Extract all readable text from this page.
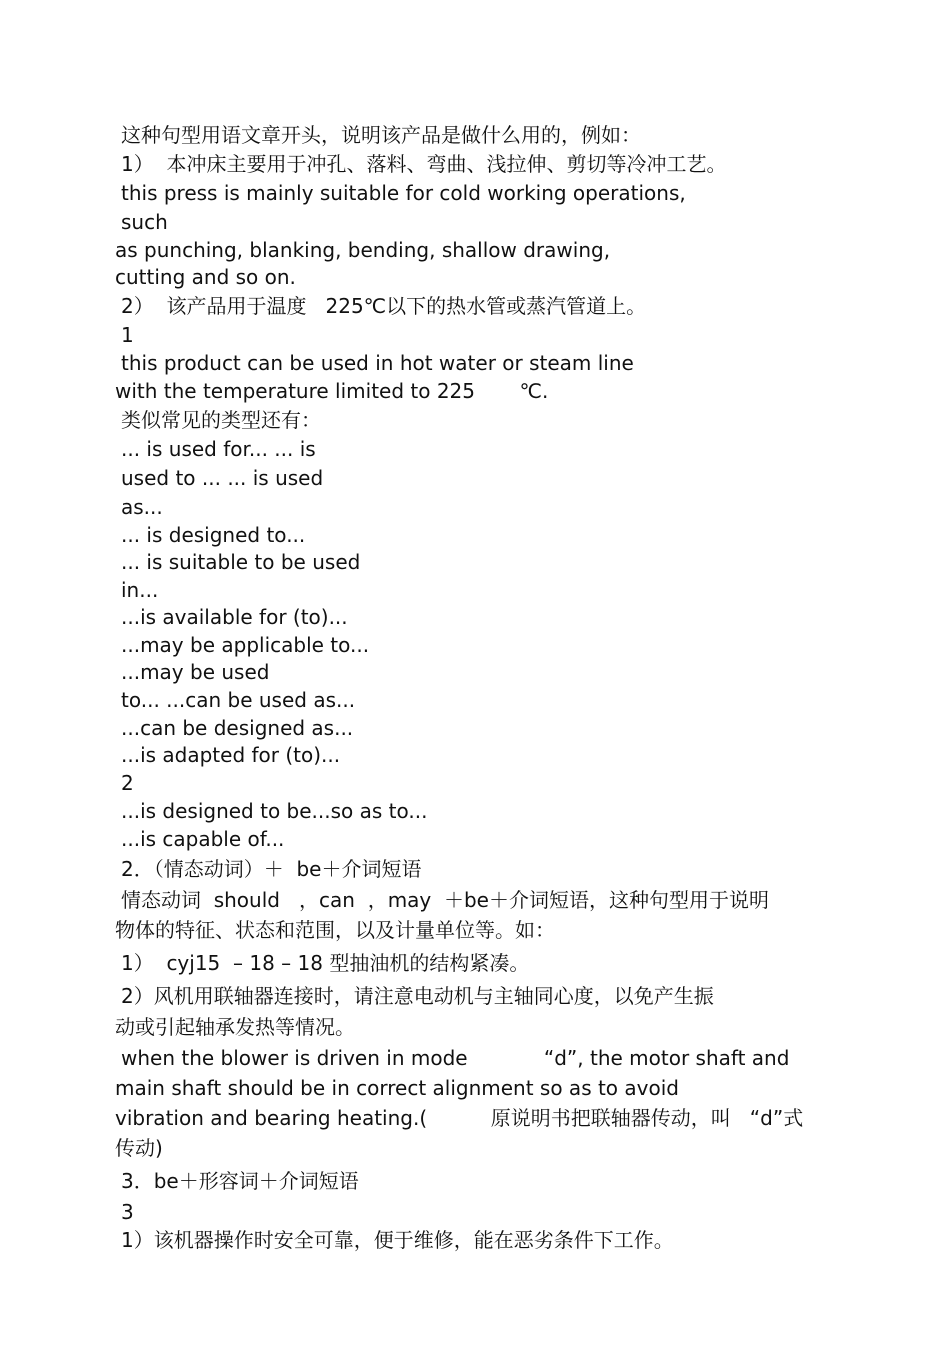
这种句型用语文章开头，说明该产品是做什么用的，例如：

1）  本冲床主要用于冲孔、落料、弯曲、浅拉伸、剪切等冷冲工艺。

this press is mainly suitable for cold working operations,

such

as punching, blanking, bending, shallow drawing,

cutting and so on.

2）  该产品用于温度   225℃以下的热水管或蒸汽管道上。

1

this product can be used in hot water or steam line

with the temperature limited to 225       ℃.

类似常见的类型还有：

... is used for... ... is

used to ... ... is used

as...

... is designed to...

... is suitable to be used

in...

...is available for (to)...

...may be applicable to...

...may be used

to... ...can be used as...

...can be designed as...

...is adapted for (to)...

2

...is designed to be...so as to...

...is capable of...

2．（情态动词）＋  be＋介词短语

情态动词  should   ，can  ，may  ＋be＋介词短语，这种句型用于说明

物体的特征、状态和范围，以及计量单位等。如：

1）  cyj15  – 18 – 18 型抽油机的结构紧凑。

2）风机用联轴器连接时，请注意电动机与主轴同心度，以免产生振

动或引起轴承发热等情况。

when the blower is driven in mode            “d”, the motor shaft and

main shaft should be in correct alignment so as to avoid

vibration and bearing heating.(          原说明书把联轴器传动，叫   “d”式

传动)

3．be＋形容词＋介词短语

3

1）该机器操作时安全可靠，便于维修，能在恶劣条件下工作。
